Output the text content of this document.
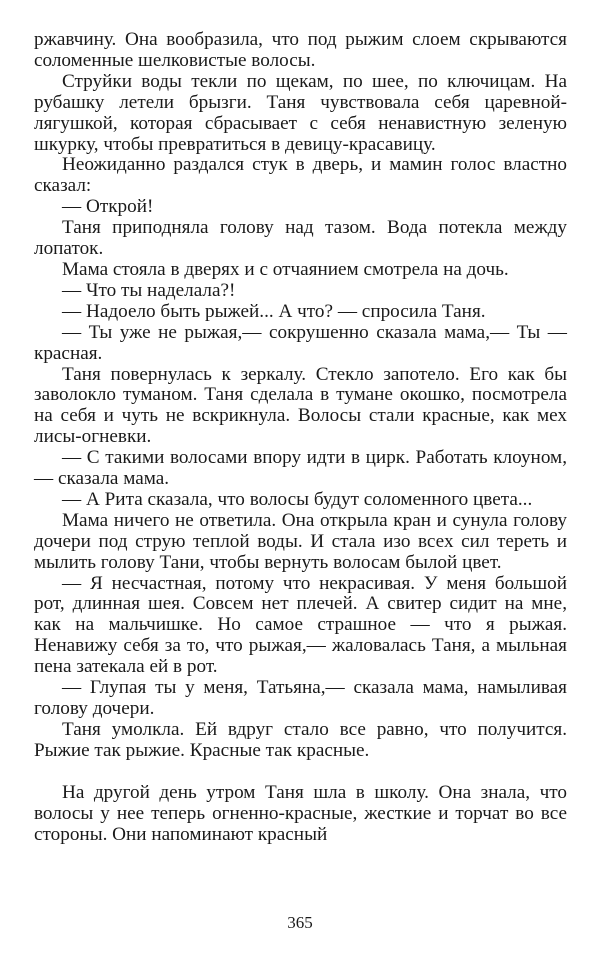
ржавчину. Она вообразила, что под рыжим слоем скрываются соломенные шелковистые волосы.

Струйки воды текли по щекам, по шее, по ключицам. На рубашку летели брызги. Таня чувствовала себя царевной-лягушкой, которая сбрасывает с себя ненавистную зеленую шкурку, чтобы превратиться в девицу-красавицу.

Неожиданно раздался стук в дверь, и мамин голос властно сказал:

— Открой!

Таня приподняла голову над тазом. Вода потекла между лопаток.

Мама стояла в дверях и с отчаянием смотрела на дочь.

— Что ты наделала?!

— Надоело быть рыжей... А что? — спросила Таня.

— Ты уже не рыжая,— сокрушенно сказала мама,— Ты — красная.

Таня повернулась к зеркалу. Стекло запотело. Его как бы заволокло туманом. Таня сделала в тумане окошко, посмотрела на себя и чуть не вскрикнула. Волосы стали красные, как мех лисы-огневки.

— С такими волосами впору идти в цирк. Работать клоуном,— сказала мама.

— А Рита сказала, что волосы будут соломенного цвета...

Мама ничего не ответила. Она открыла кран и сунула голову дочери под струю теплой воды. И стала изо всех сил тереть и мылить голову Тани, чтобы вернуть волосам былой цвет.

— Я несчастная, потому что некрасивая. У меня большой рот, длинная шея. Совсем нет плечей. А свитер сидит на мне, как на мальчишке. Но самое страшное — что я рыжая. Ненавижу себя за то, что рыжая,— жаловалась Таня, а мыльная пена затекала ей в рот.

— Глупая ты у меня, Татьяна,— сказала мама, намыливая голову дочери.

Таня умолкла. Ей вдруг стало все равно, что получится. Рыжие так рыжие. Красные так красные.

На другой день утром Таня шла в школу. Она знала, что волосы у нее теперь огненно-красные, жесткие и торчат во все стороны. Они напоминают красный

365
